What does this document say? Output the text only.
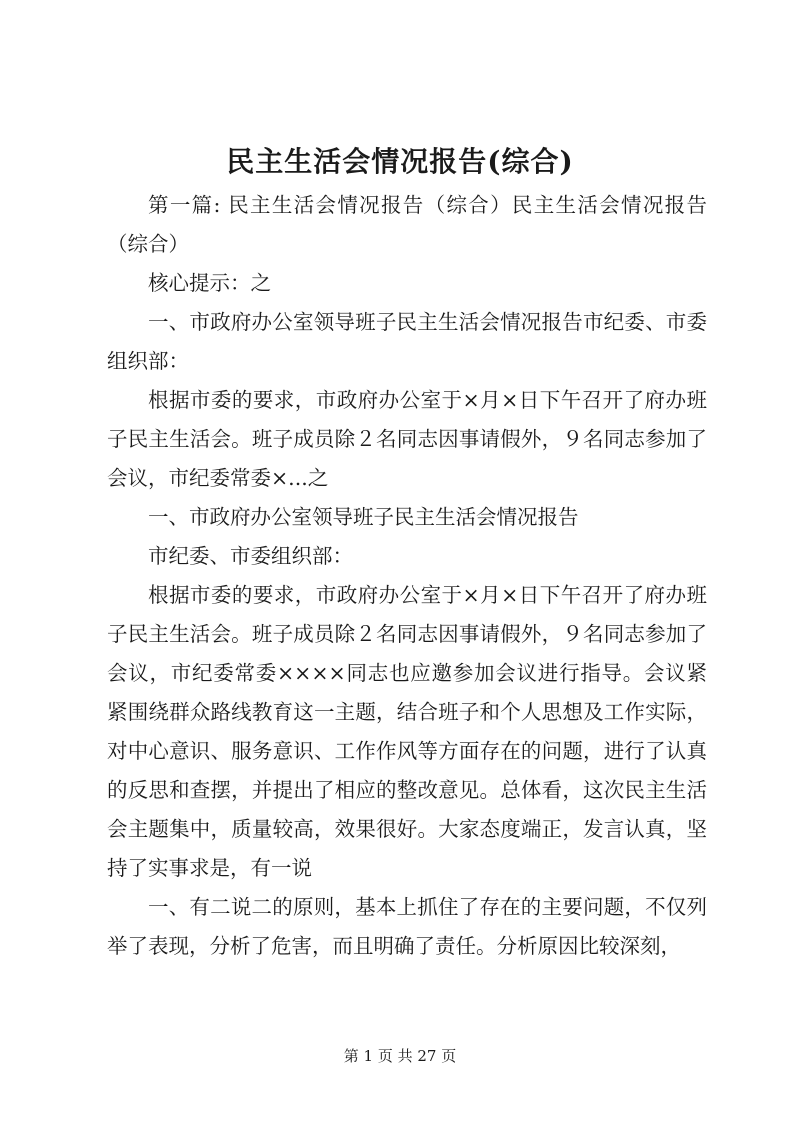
民主生活会情况报告(综合)

第一篇: 民主生活会情况报告（综合）民主生活会情况报告（综合）

核心提示：之

一、市政府办公室领导班子民主生活会情况报告市纪委、市委组织部：

根据市委的要求，市政府办公室于×月×日下午召开了府办班子民主生活会。班子成员除２名同志因事请假外，９名同志参加了会议，市纪委常委×...之

一、市政府办公室领导班子民主生活会情况报告

市纪委、市委组织部：

根据市委的要求，市政府办公室于×月×日下午召开了府办班子民主生活会。班子成员除２名同志因事请假外，９名同志参加了会议，市纪委常委××××同志也应邀参加会议进行指导。会议紧紧围绕群众路线教育这一主题，结合班子和个人思想及工作实际，对中心意识、服务意识、工作作风等方面存在的问题，进行了认真的反思和查摆，并提出了相应的整改意见。总体看，这次民主生活会主题集中，质量较高，效果很好。大家态度端正，发言认真，坚持了实事求是，有一说

一、有二说二的原则，基本上抓住了存在的主要问题，不仅列举了表现，分析了危害，而且明确了责任。分析原因比较深刻，

第 1 页 共 27 页
